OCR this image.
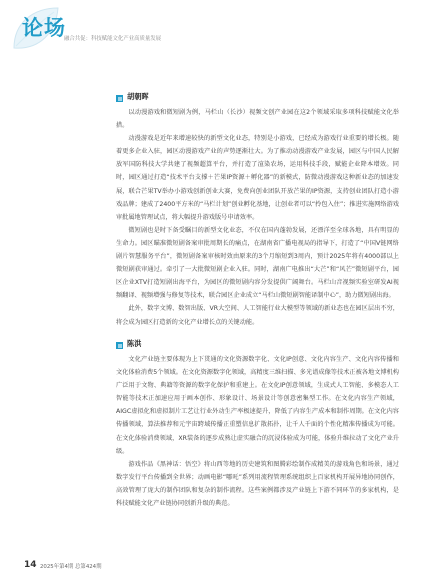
论场
融合共促：科技赋能文化产业高质量发展
胡朝晖

以动漫游戏和微短剧为例，马栏山（长沙）视频文创产业园在这2个领域采取多项科技赋能文化举措。

动漫游戏是近年来增速较快的新型文化业态，特别是小游戏，已经成为游戏行业重要的增长极。随着更多企业入驻，园区动漫游戏产业的声势逐渐壮大。为了推动动漫游戏产业发展，园区与中国人民解放军国防科技大学共建了视频超算平台，并打造了渲染农场，运用科技手段，赋能企业降本增效。同时，园区通过打造“技术平台支撑＋芒果IP资源＋孵化器”的新模式，防微动漫游戏这种新业态的加速发展，联合芒果TV举办小游戏创新创业大赛，免费向创业团队开放芒果的IP资源，支持创业团队打造小游戏品牌；建成了2400平方米的“马栏计划”创业孵化基地，让创业者可以“拎包入住”；推进实施网络游戏审批属地管理试点，将大幅提升游戏版号申请效率。

微短剧也是时下备受瞩目的新型文化业态，不仅在国内蓬勃发展，还漂洋至全球各地，具有明显的生命力。园区瞄准微短剧备案审批周期长的痛点，在湖南省广播电视局的指导下，打造了“中国V链网络剧片智慧服务平台”，微短剧备案审核时效由原来的3个月缩短到3周内，预计2025年将有4000部以上微短剧获审通过。牵引了一大批微短剧企业入驻。同时，湖南广电推出“大芒”和“风芒”微短剧平台，园区企业XTV打造短剧出海平台，为园区的微短剧内容分发提供广阔舞台。马栏山音视频实验室研发AI视频翻译、视频增强与修复等技术，联合园区企业成立“马栏山微短剧智能译制中心”，助力微短剧出海。

此外，数字文博、数智出版、VR大空间、人工智能行业大模型等领域的新业态也在园区层出不穷，将会成为园区打造新的文化产业增长点的关键动能。

陈洪

文化产业链主要体现为上下贯通的文化资源数字化、文化IP创意、文化内容生产、文化内容传播和文化体验消费5个领域。在文化资源数字化领域，高精度三维扫描、多光谱成像等技术正被各地文博机构广泛用于文物、典籍等资源的数字化保护和重建上。在文化IP创意领域，生成式人工智能、多模态人工智能等技术正加速应用于画本创作、形象设计、场景设计等创意密集型工作。在文化内容生产领域，AIGC虚拟化和虚拟制片工艺让行业外动生产率极速提升，降低了内容生产成本和制作周期。在文化内容传播领域，算法推荐和元宇宙跨域传播正重塑信息扩散拓扑，让千人千面的个性化精准传播成为可能。在文化体验消费领域，XR装备的逐步成熟让虚实融合的沉浸体验成为可能，体验升维拉动了文化产业升级。

游戏作品《黑神话：悟空》将山西等地的历史建筑和图腾彩绘制作成精美的游戏角色和场景，通过数字发行平台传播到全世界；动画电影“哪吒”系列用流程管理系统组织上百家机构开展异地协同创作，高效管理了庞大的制作团队和复杂的制作流程。这些案例都涉及产业链上下游不同环节的多家机构，是科技赋能文化产业链协同创新升级的典范。

14 2025年第4期 总第424期
